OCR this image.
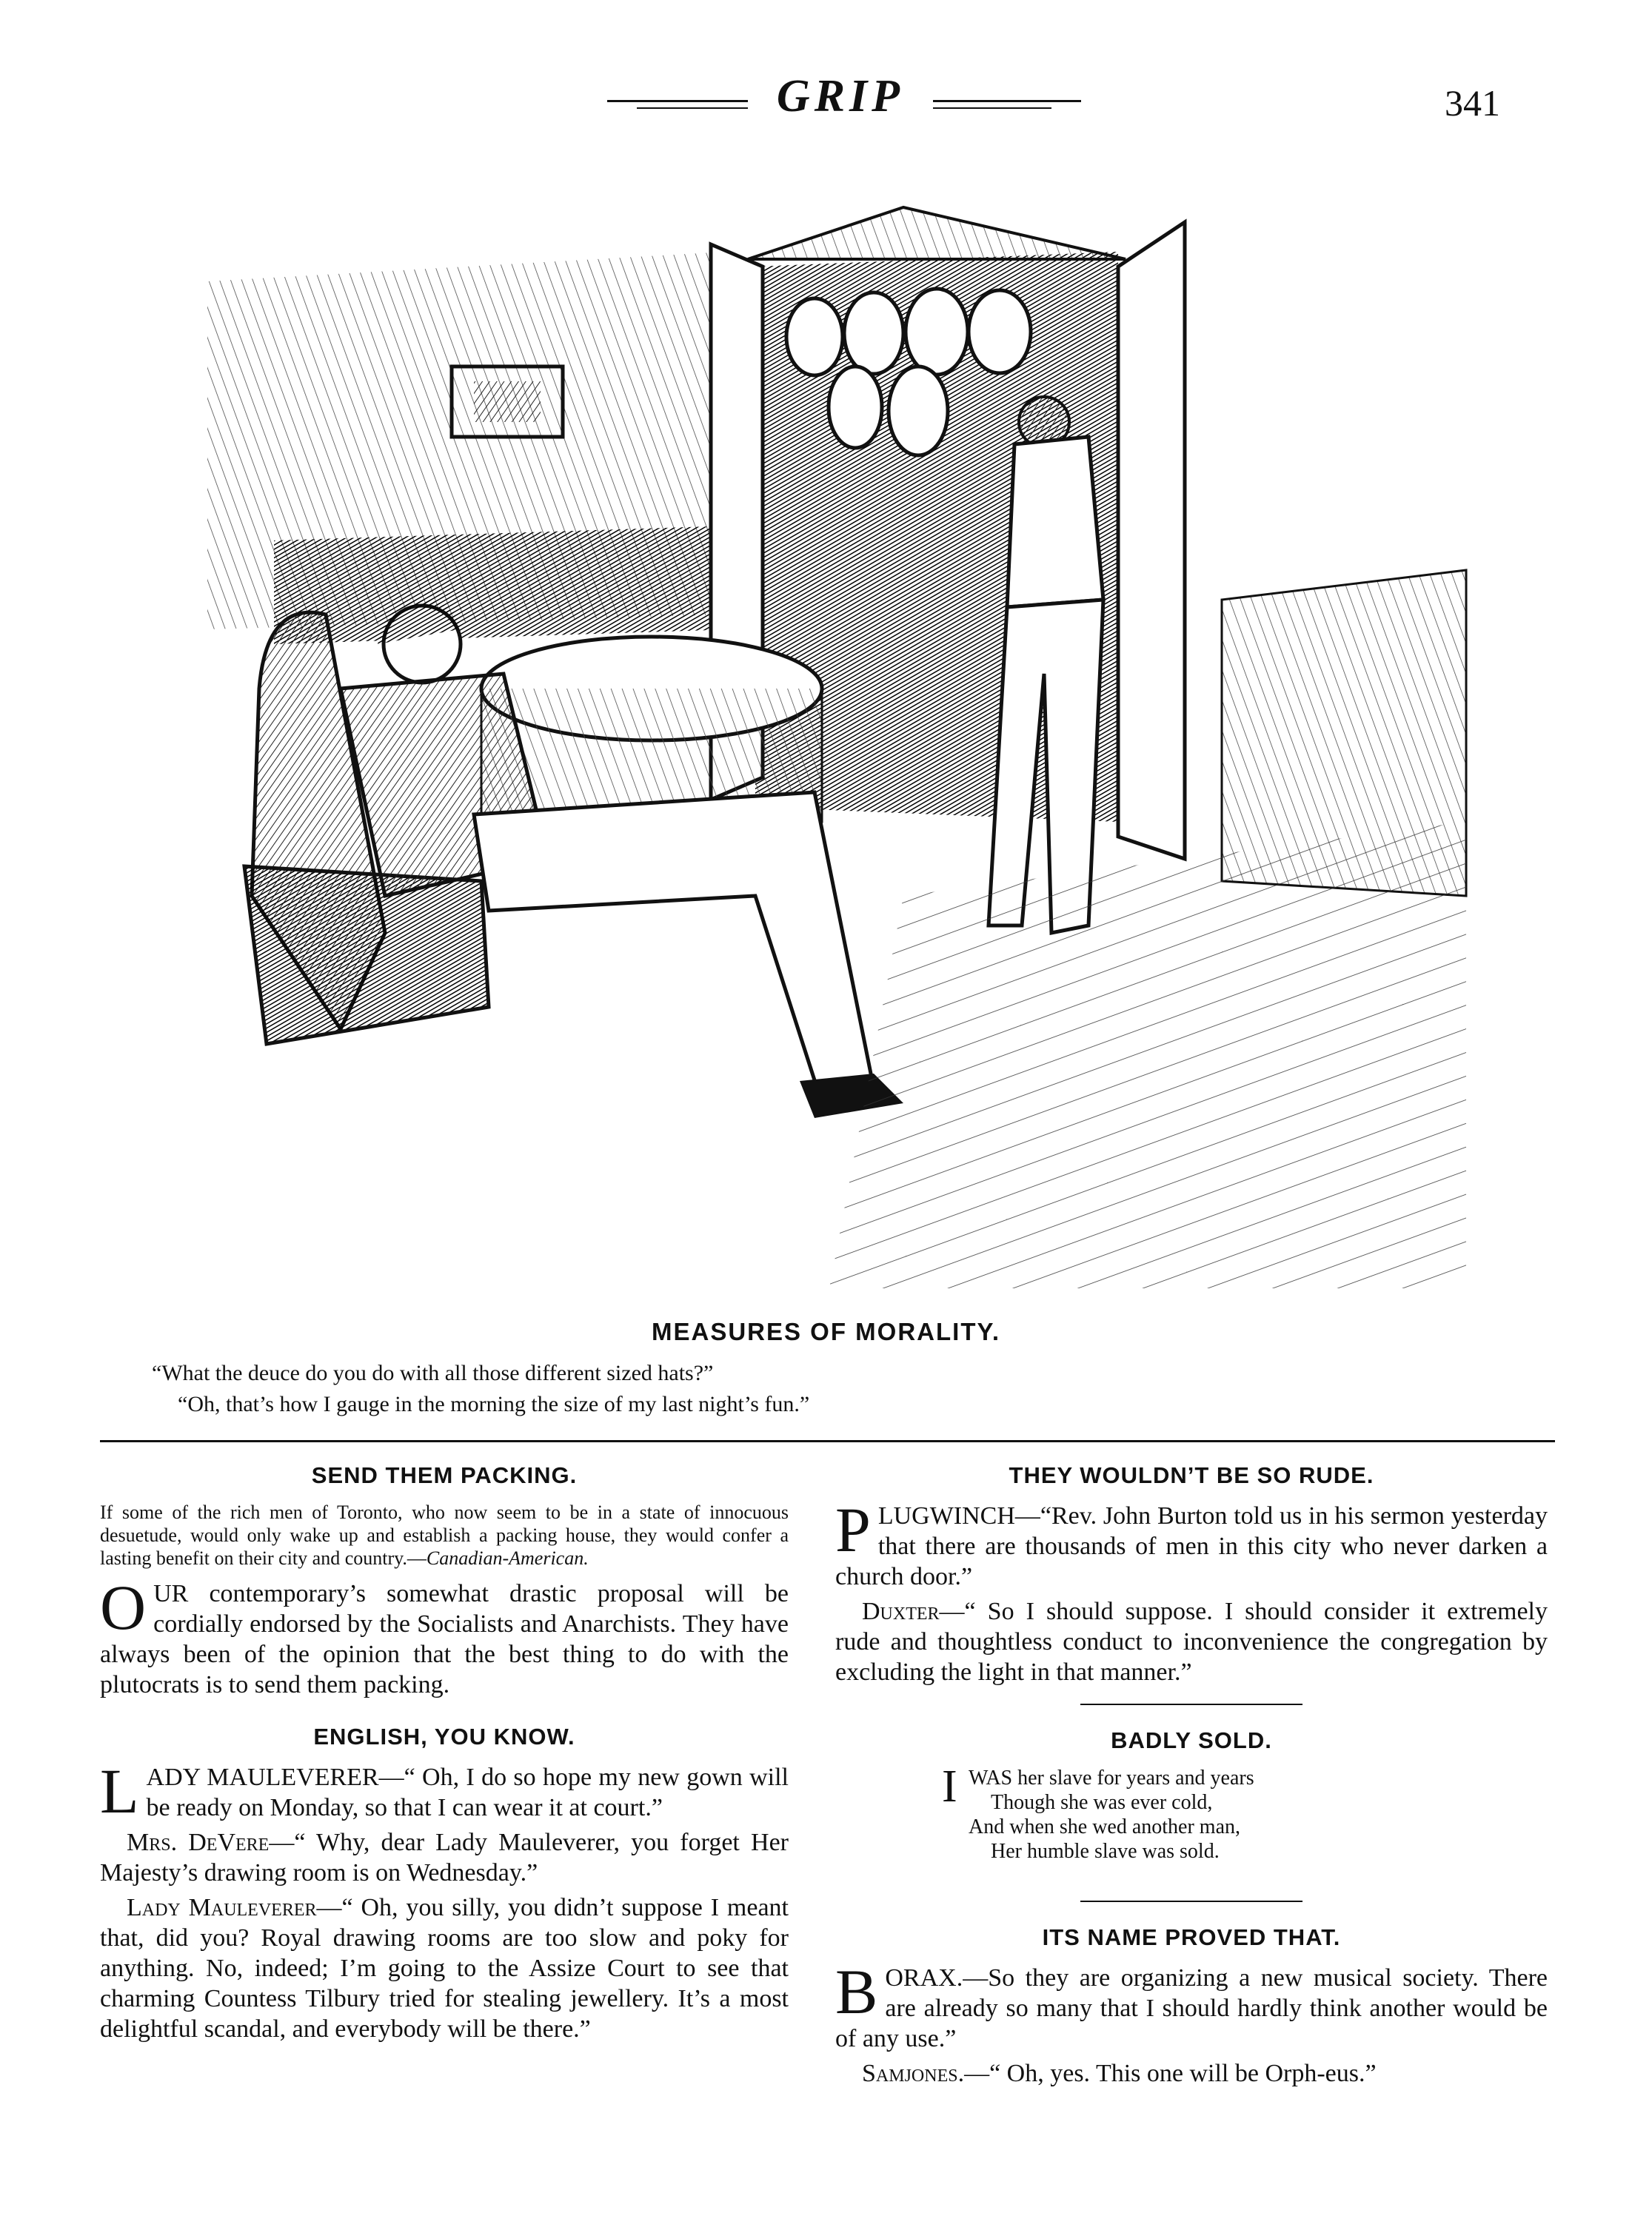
GRIP	341
MEASURES OF MORALITY.
“What the deuce do you do with all those different sized hats?”
“Oh, that’s how I gauge in the morning the size of my last night’s fun.”
SEND THEM PACKING.

If some of the rich men of Toronto, who now seem to be in a state of innocuous desuetude, would only wake up and establish a packing house, they would confer a lasting benefit on their city and country.—Canadian-American.

OUR contemporary’s somewhat drastic proposal will be cordially endorsed by the Socialists and Anarchists. They have always been of the opinion that the best thing to do with the plutocrats is to send them packing.

ENGLISH, YOU KNOW.

LADY MAULEVERER—“ Oh, I do so hope my new gown will be ready on Monday, so that I can wear it at court.”

Mrs. DeVere—“ Why, dear Lady Mauleverer, you forget Her Majesty’s drawing room is on Wednesday.”

Lady Mauleverer—“ Oh, you silly, you didn’t suppose I meant that, did you? Royal drawing rooms are too slow and poky for anything. No, indeed; I’m going to the Assize Court to see that charming Countess Tilbury tried for stealing jewellery. It’s a most delightful scandal, and everybody will be there.”

THEY WOULDN’T BE SO RUDE.

PLUGWINCH—“Rev. John Burton told us in his sermon yesterday that there are thousands of men in this city who never darken a church door.”

Duxter—“ So I should suppose. I should consider it extremely rude and thoughtless conduct to inconvenience the congregation by excluding the light in that manner.”

BADLY SOLD.
I WAS her slave for years and years
Though she was ever cold,
And when she wed another man,
Her humble slave was sold.
ITS NAME PROVED THAT.

BORAX.—So they are organizing a new musical society. There are already so many that I should hardly think another would be of any use.”

Samjones.—“ Oh, yes. This one will be Orph-eus.”
